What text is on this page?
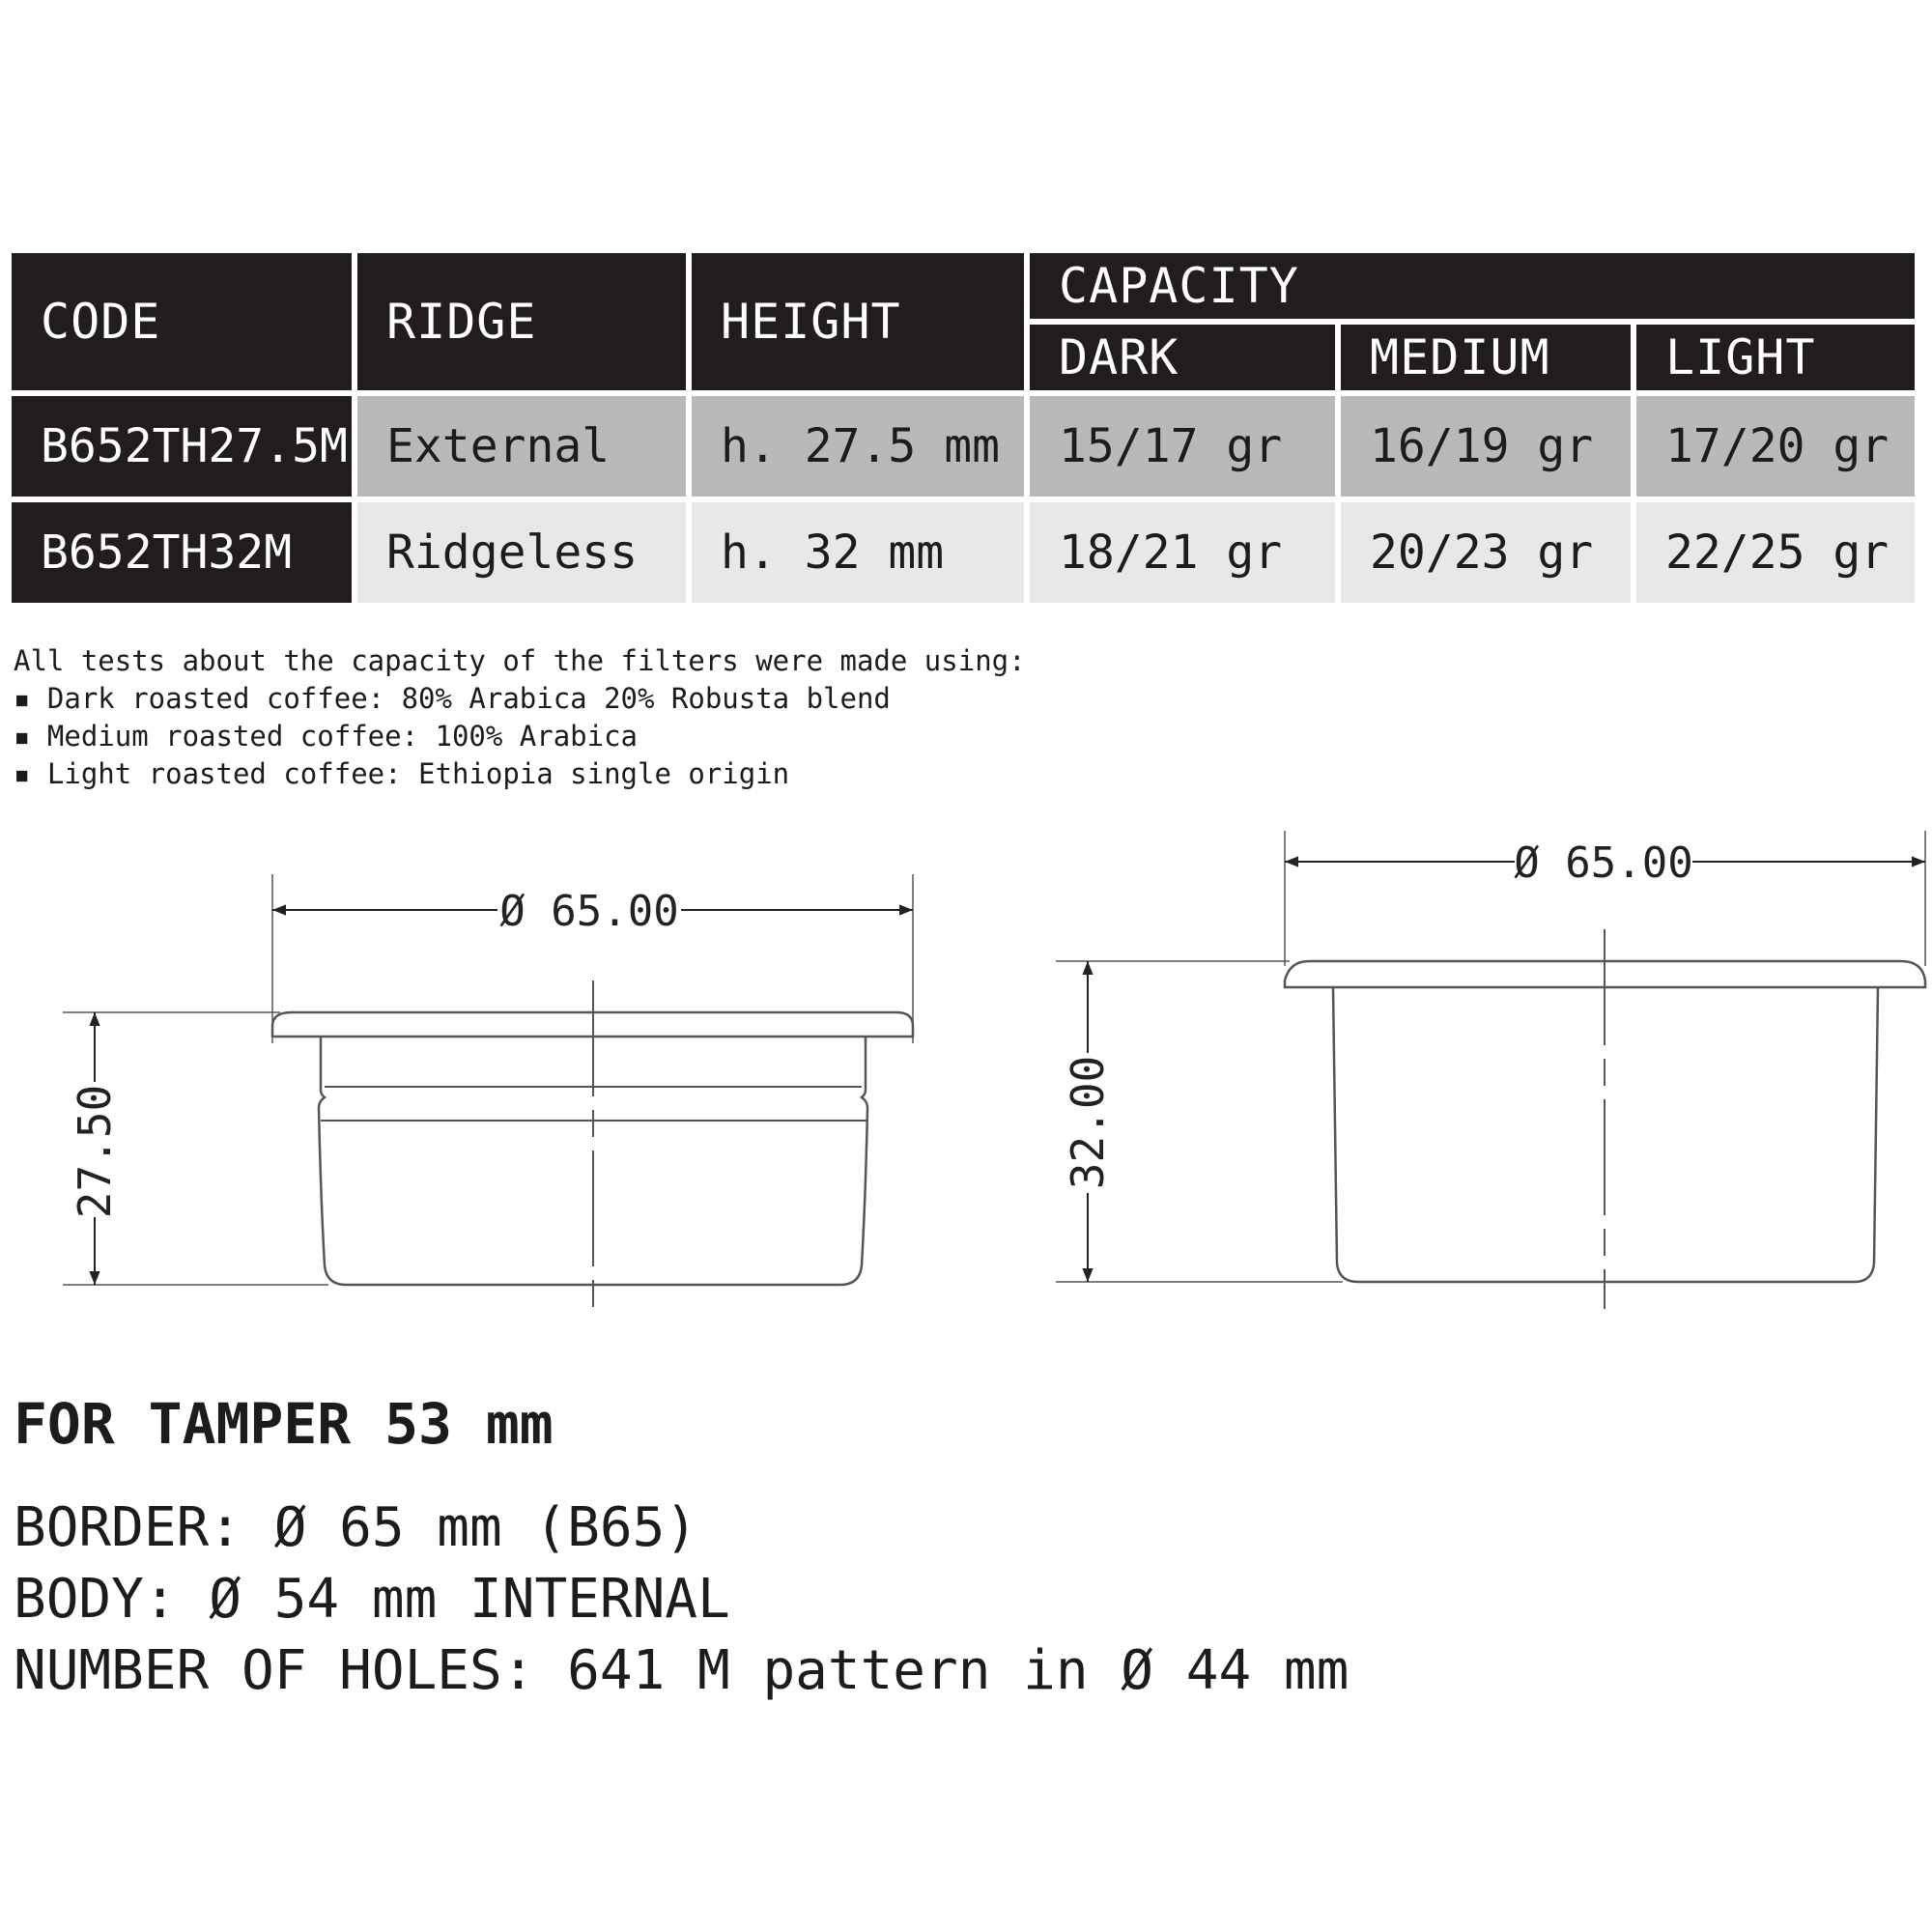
CODE	RIDGE	HEIGHT	CAPACITY		
			DARK	MEDIUM	LIGHT
B652TH27.5M	External	h. 27.5 mm	15/17 gr	16/19 gr	17/20 gr
B652TH32M	Ridgeless	h. 32 mm	18/21 gr	20/23 gr	22/25 gr
All tests about the capacity of the filters were made using:
▪ Dark roasted coffee: 80% Arabica 20% Robusta blend
▪ Medium roasted coffee: 100% Arabica
▪ Light roasted coffee: Ethiopia single origin
Ø 65.00
27.50
Ø 65.00
32.00
FOR TAMPER 53 mm
BORDER: Ø 65 mm (B65)
BODY: Ø 54 mm INTERNAL
NUMBER OF HOLES: 641 M pattern in Ø 44 mm
